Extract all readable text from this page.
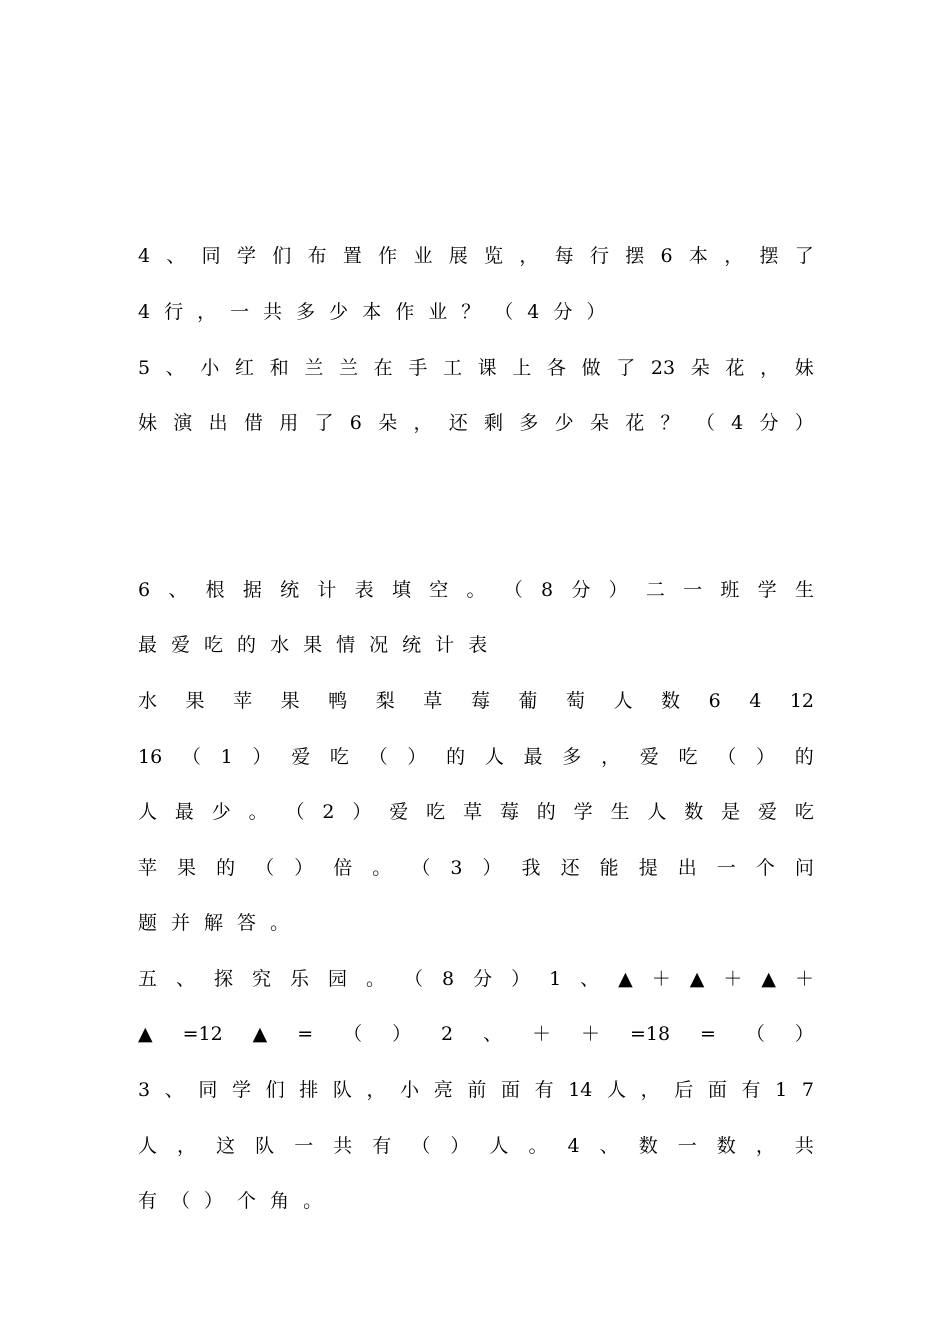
4 、 同 学 们 布 置 作 业 展 览 ， 每 行 摆 6 本 ， 摆 了
4 行 ， 一 共 多 少 本 作 业 ？ （ 4 分 ）
5 、 小 红 和 兰 兰 在 手 工 课 上 各 做 了 23 朵 花 ， 妹
妹 演 出 借 用 了 6 朵 ， 还 剩 多 少 朵 花 ？ （ 4 分 ）
6 、 根 据 统 计 表 填 空 。 （ 8 分 ） 二 一 班 学 生
最 爱 吃 的 水 果 情 况 统 计 表
水 果 苹 果 鸭 梨 草 莓 葡 萄 人 数 6 4 12
16 （ 1 ） 爱 吃 （ ） 的 人 最 多 ， 爱 吃 （ ） 的
人 最 少 。 （ 2 ） 爱 吃 草 莓 的 学 生 人 数 是 爱 吃
苹 果 的 （ ） 倍 。 （ 3 ） 我 还 能 提 出 一 个 问
题 并 解 答 。
五 、 探 究 乐 园 。 （ 8 分 ） 1 、 ▲ ＋ ▲ ＋ ▲ ＋
▲ =12 ▲ = （ ） 2 、 ＋ ＋ =18 = （ ）
3 、 同 学 们 排 队 ， 小 亮 前 面 有 14 人 ， 后 面 有 1 7
人 ， 这 队 一 共 有 （ ） 人 。 4 、 数 一 数 ， 共
有 （ ） 个 角 。
